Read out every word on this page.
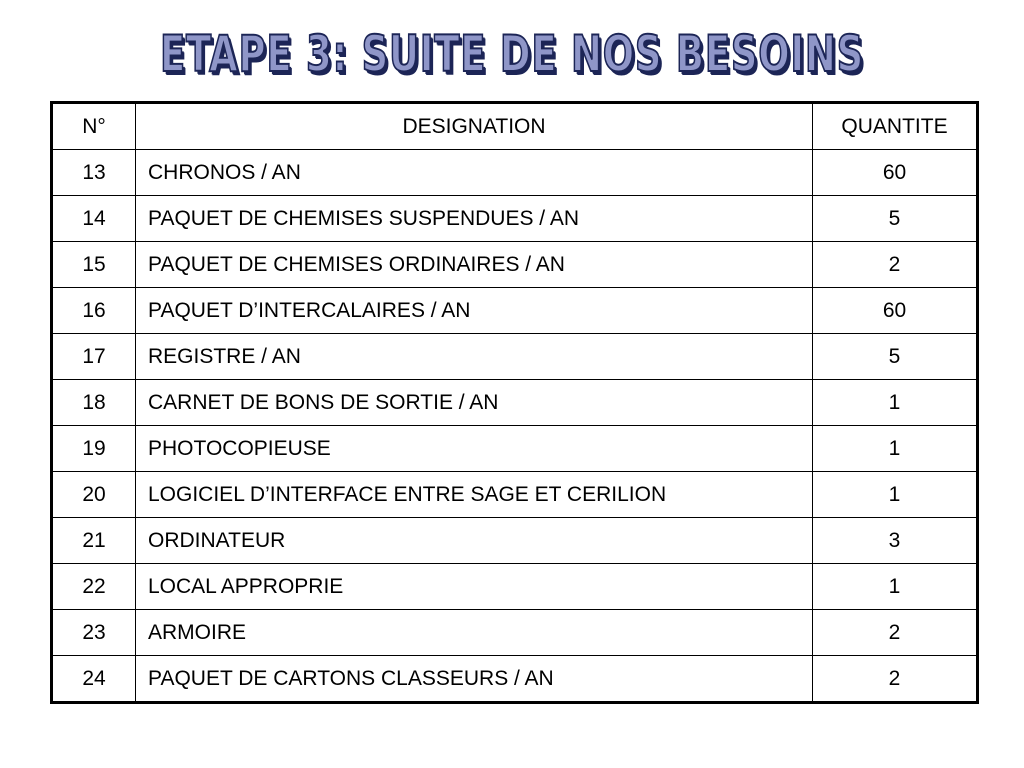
ETAPE 3: SUITE DE NOS BESOINS
N°	DESIGNATION	QUANTITE
13	CHRONOS / AN	60
14	PAQUET DE CHEMISES SUSPENDUES / AN	5
15	PAQUET DE CHEMISES ORDINAIRES / AN	2
16	PAQUET D’INTERCALAIRES / AN	60
17	REGISTRE / AN	5
18	CARNET DE BONS DE SORTIE / AN	1
19	PHOTOCOPIEUSE	1
20	LOGICIEL D’INTERFACE ENTRE SAGE ET CERILION	1
21	ORDINATEUR	3
22	LOCAL APPROPRIE	1
23	ARMOIRE	2
24	PAQUET DE CARTONS CLASSEURS / AN	2
